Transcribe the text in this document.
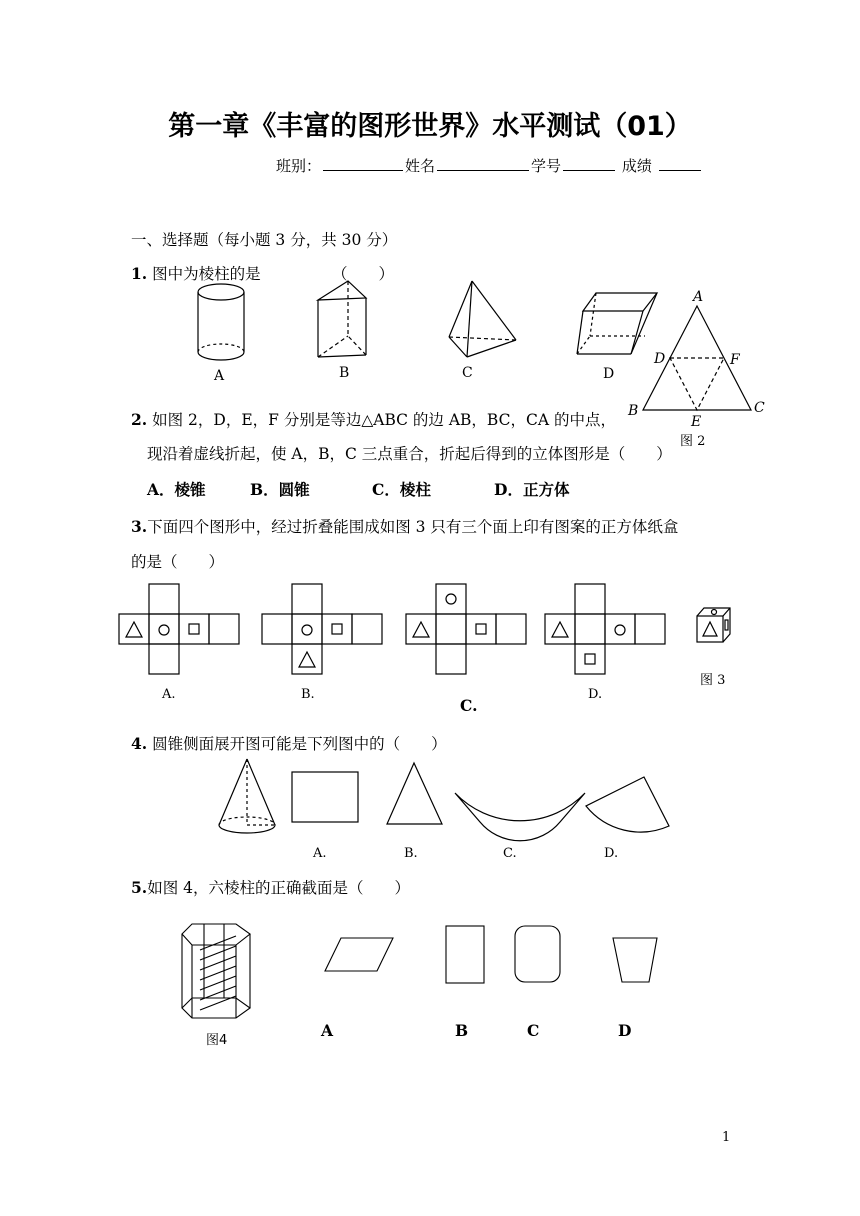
第一章《丰富的图形世界》水平测试（01）
班别：	姓名	学号	成绩
一、选择题（每小题 3 分，共 30 分）
1. 图中为棱柱的是	（　　）
A	B	C	D
A
B	C
D
E
F
图 2
2. 如图 2，D，E，F 分别是等边△ABC 的边 AB，BC，CA 的中点，
现沿着虚线折起，使 A，B，C 三点重合，折起后得到的立体图形是（　　）
A．棱锥	B．圆锥	C．棱柱	D．正方体
3.下面四个图形中，经过折叠能围成如图 3 只有三个面上印有图案的正方体纸盒
的是（　　）
A.	B.
C.
D.
图 3
4. 圆锥侧面展开图可能是下列图中的（　　）
A.	B.	C.	D.
5.如图 4，六棱柱的正确截面是（　　）
图4
A	B	C	D
1
